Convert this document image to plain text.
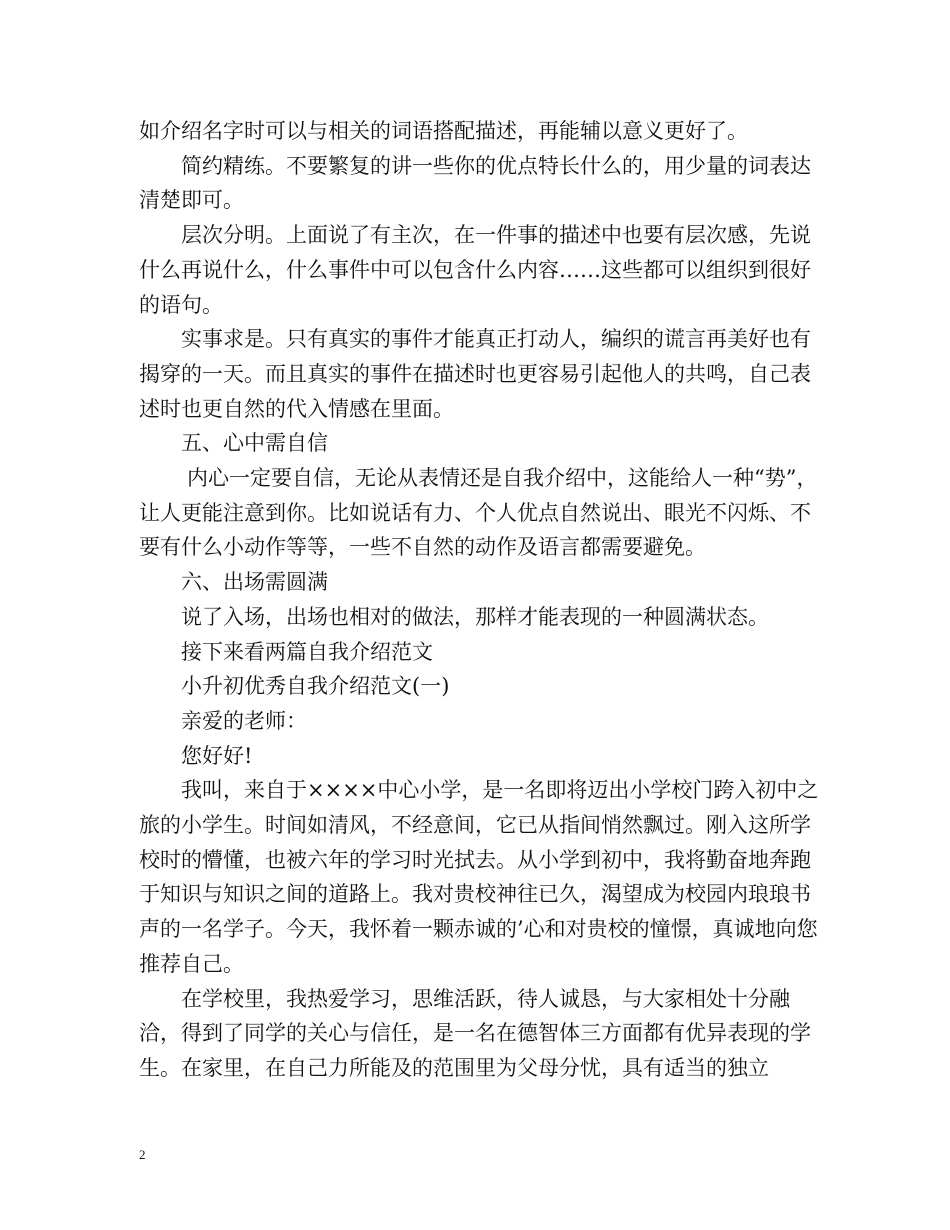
如介绍名字时可以与相关的词语搭配描述，再能辅以意义更好了。

简约精练。不要繁复的讲一些你的优点特长什么的，用少量的词表达清楚即可。

层次分明。上面说了有主次，在一件事的描述中也要有层次感，先说什么再说什么，什么事件中可以包含什么内容……这些都可以组织到很好的语句。

实事求是。只有真实的事件才能真正打动人，编织的谎言再美好也有揭穿的一天。而且真实的事件在描述时也更容易引起他人的共鸣，自己表述时也更自然的代入情感在里面。

五、心中需自信

内心一定要自信，无论从表情还是自我介绍中，这能给人一种“势”，让人更能注意到你。比如说话有力、个人优点自然说出、眼光不闪烁、不要有什么小动作等等，一些不自然的动作及语言都需要避免。

六、出场需圆满

说了入场，出场也相对的做法，那样才能表现的一种圆满状态。

接下来看两篇自我介绍范文

小升初优秀自我介绍范文(一)

亲爱的老师：

您好好!

我叫，来自于××××中心小学，是一名即将迈出小学校门跨入初中之旅的小学生。时间如清风，不经意间，它已从指间悄然飘过。刚入这所学校时的懵懂，也被六年的学习时光拭去。从小学到初中，我将勤奋地奔跑于知识与知识之间的道路上。我对贵校神往已久，渴望成为校园内琅琅书声的一名学子。今天，我怀着一颗赤诚的’心和对贵校的憧憬，真诚地向您推荐自己。

在学校里，我热爱学习，思维活跃，待人诚恳，与大家相处十分融洽，得到了同学的关心与信任，是一名在德智体三方面都有优异表现的学生。在家里，在自己力所能及的范围里为父母分忧，具有适当的独立

2
